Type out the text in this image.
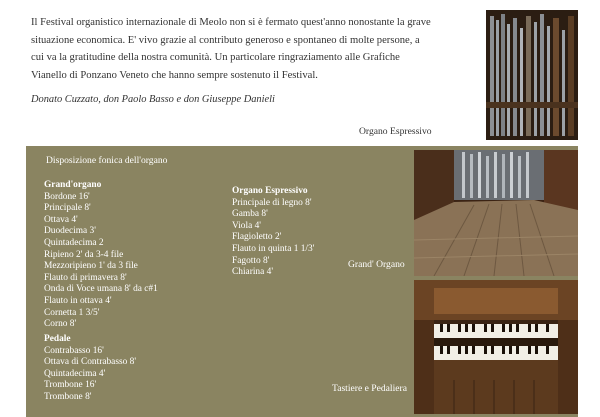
Il Festival organistico internazionale di Meolo non si è fermato quest'anno nonostante la grave situazione economica. E' vivo grazie al contributo generoso e spontaneo di molte persone, a cui va la gratitudine della nostra comunità. Un particolare ringraziamento alle Grafiche Vianello di Ponzano Veneto che hanno sempre sostenuto il Festival.
Donato Cuzzato, don Paolo Basso e don Giuseppe Danieli
Organo Espressivo
Disposizione fonica dell'organo
Grand'organo
Bordone 16'
Principale 8'
Ottava 4'
Duodecima 3'
Quintadecima 2
Ripieno 2' da 3-4 file
Mezzoripieno 1' da 3 file
Flauto di primavera 8'
Onda di Voce umana 8' da c#1
Flauto in ottava 4'
Cornetta 1 3/5'
Corno 8'
Organo Espressivo
Principale di legno 8'
Gamba 8'
Viola 4'
Flagioletto 2'
Flauto in quinta 1 1/3'
Fagotto 8'
Chiarina 4'
Pedale
Contrabasso 16'
Ottava di Contrabasso 8'
Quintadecima 4'
Trombone 16'
Trombone 8'
Grand' Organo
Tastiere e Pedaliera
